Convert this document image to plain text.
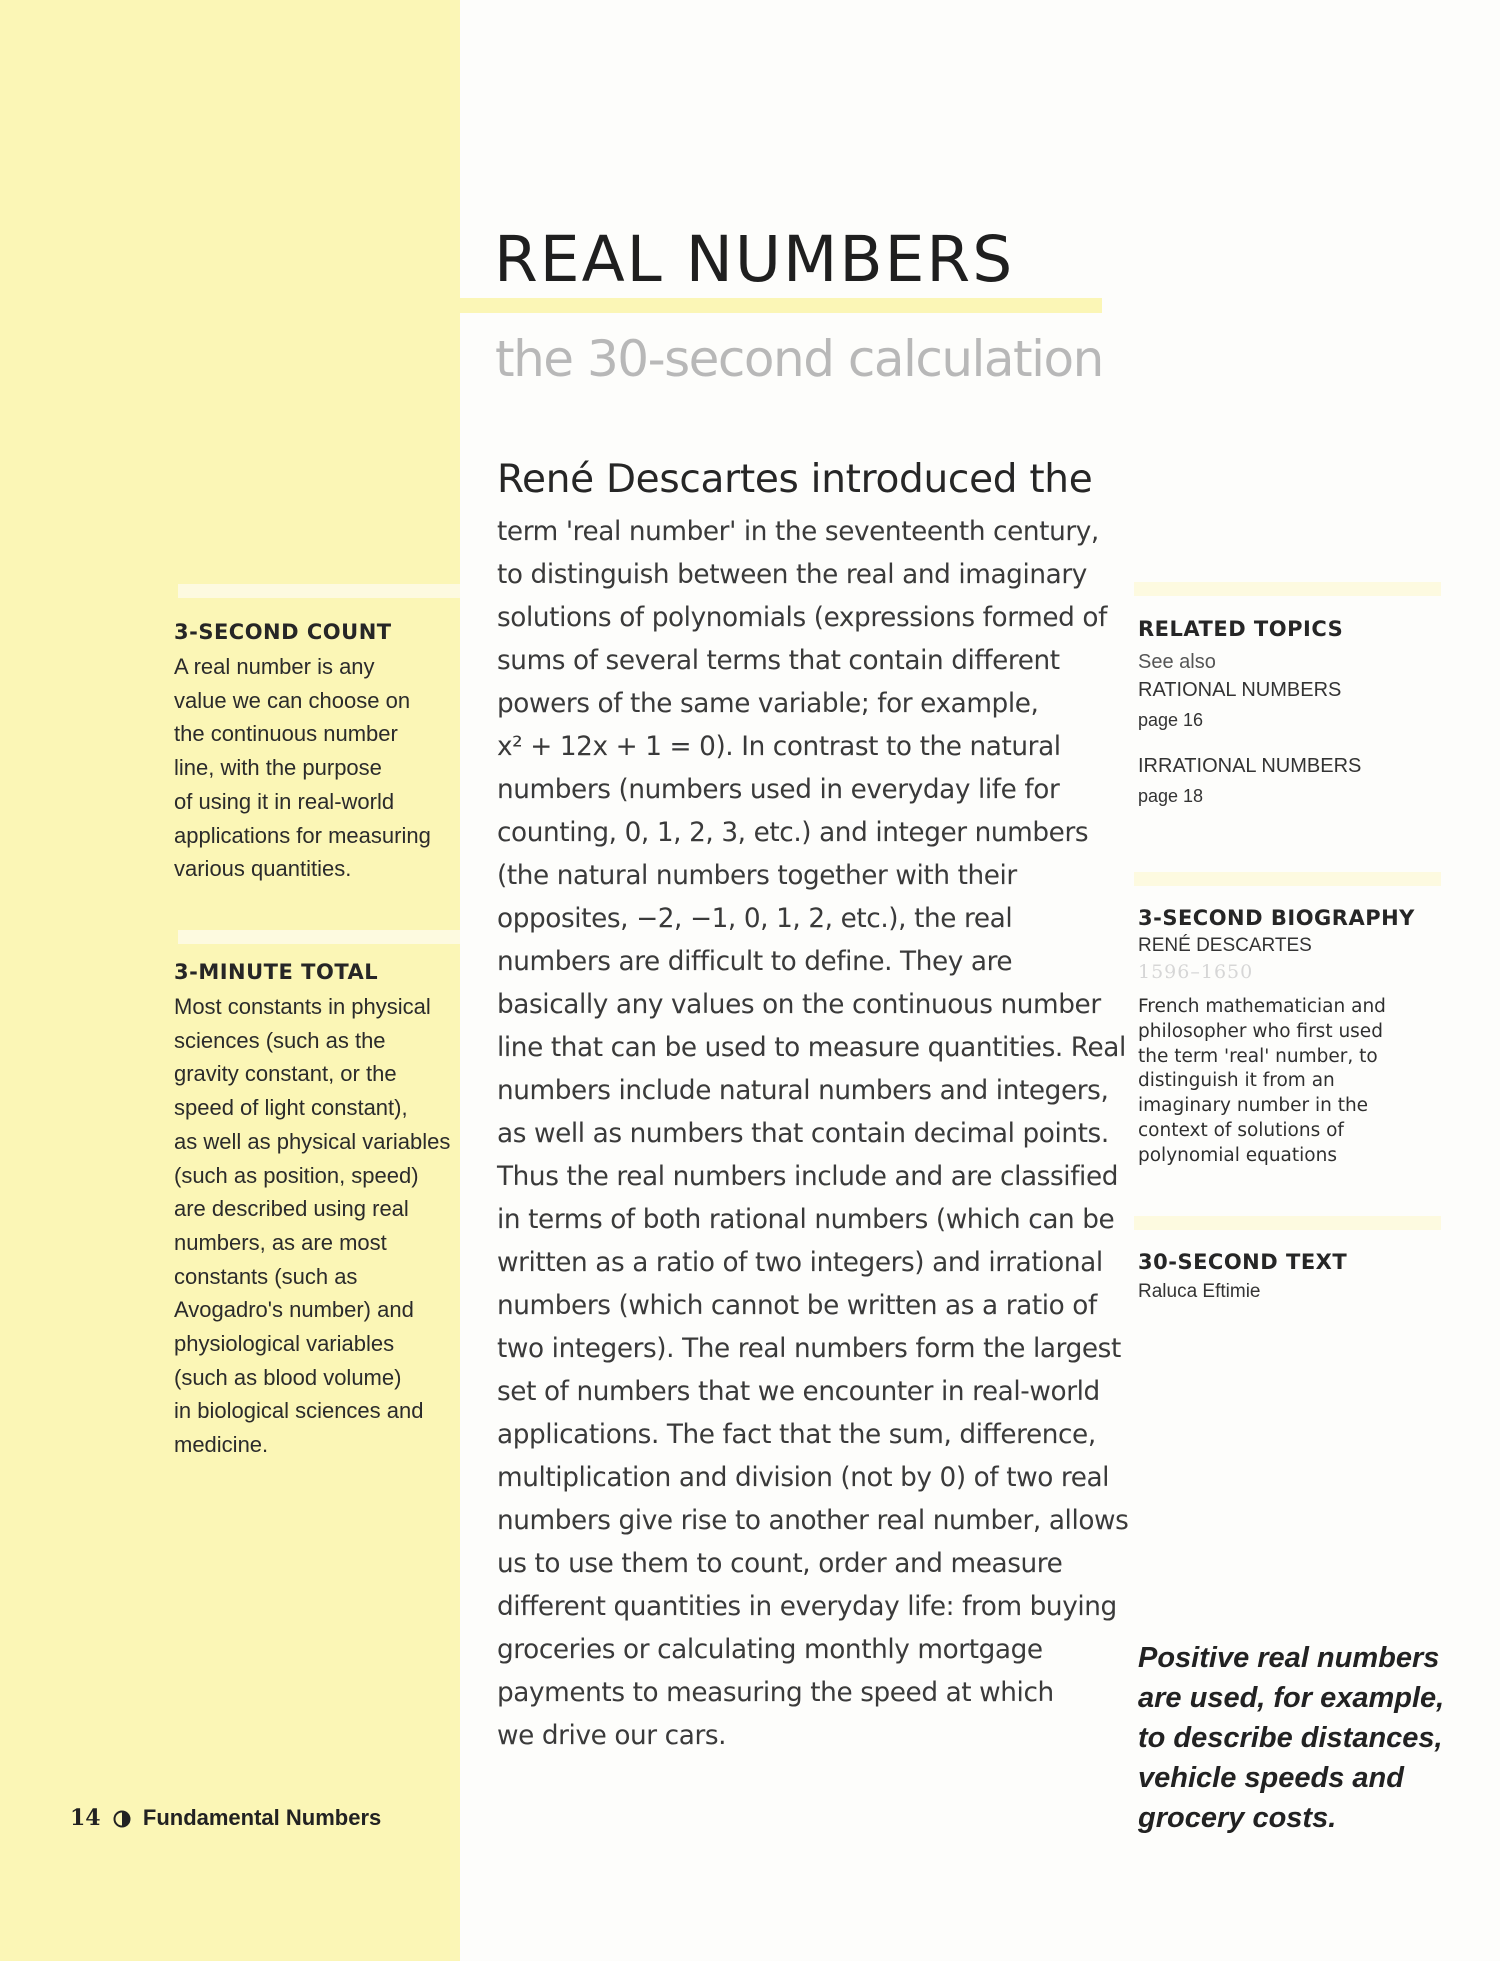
3-SECOND COUNT

A real number is any
value we can choose on
the continuous number
line, with the purpose
of using it in real-world
applications for measuring
various quantities.

3-MINUTE TOTAL

Most constants in physical
sciences (such as the
gravity constant, or the
speed of light constant),
as well as physical variables
(such as position, speed)
are described using real
numbers, as are most
constants (such as
Avogadro's number) and
physiological variables
(such as blood volume)
in biological sciences and
medicine.
REAL NUMBERS
the 30-second calculation

René Descartes introduced the

term 'real number' in the seventeenth century,
to distinguish between the real and imaginary
solutions of polynomials (expressions formed of
sums of several terms that contain different
powers of the same variable; for example,
x² + 12x + 1 = 0). In contrast to the natural
numbers (numbers used in everyday life for
counting, 0, 1, 2, 3, etc.) and integer numbers
(the natural numbers together with their
opposites, −2, −1, 0, 1, 2, etc.), the real
numbers are difficult to define. They are
basically any values on the continuous number
line that can be used to measure quantities. Real
numbers include natural numbers and integers,
as well as numbers that contain decimal points.
Thus the real numbers include and are classified
in terms of both rational numbers (which can be
written as a ratio of two integers) and irrational
numbers (which cannot be written as a ratio of
two integers). The real numbers form the largest
set of numbers that we encounter in real-world
applications. The fact that the sum, difference,
multiplication and division (not by 0) of two real
numbers give rise to another real number, allows
us to use them to count, order and measure
different quantities in everyday life: from buying
groceries or calculating monthly mortgage
payments to measuring the speed at which
we drive our cars.

RELATED TOPICS

See also
RATIONAL NUMBERS
page 16
IRRATIONAL NUMBERS
page 18

3-SECOND BIOGRAPHY

RENÉ DESCARTES

1596–1650

French mathematician and
philosopher who first used
the term 'real' number, to
distinguish it from an
imaginary number in the
context of solutions of
polynomial equations

30-SECOND TEXT

Raluca Eftimie

Positive real numbers
are used, for example,
to describe distances,
vehicle speeds and
grocery costs.

14 Fundamental Numbers
